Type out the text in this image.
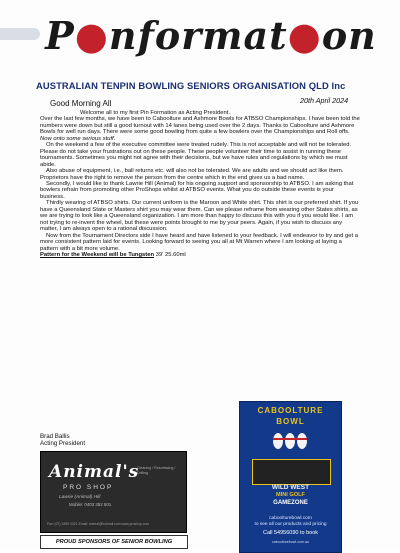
P●nformat●on
AUSTRALIAN TENPIN BOWLING SENIORS ORGANISATION QLD Inc
Good Morning All	20th April 2024

Welcome all to my first Pin Formation as Acting President.

Over the last few months, we have been to Caboolture and Ashmore Bowls for ATBSO Championships. I have been told the numbers were down but still a good turnout with 14 lanes being used over the 2 days. Thanks to Caboolture and Ashmore Bowls for well run days. There were some good bowling from quite a few bowlers over the Championships and Roll offs.

Now onto some serious stuff.

On the weekend a few of the executive committee were treated rudely. This is not acceptable and will not be tolerated. Please do not take your frustrations out on these people. These people volunteer their time to assist in running these tournaments. Sometimes you might not agree with their decisions, but we have rules and regulations by which we must abide.

Also abuse of equipment, i.e., ball returns etc. will also not be tolerated. We are adults and we should act like them. Proprietors have the right to remove the person from the centre which in the end gives us a bad name.

Secondly, I would like to thank Lawrie Hill (Animal) for his ongoing support and sponsorship to ATBSO. I am asking that bowlers refrain from promoting other ProShops whilst at ATBSO events. What you do outside these events is your business.

Thirdly wearing of ATBSO shirts. Our current uniform is the Maroon and White shirt. This shirt is our preferred shirt. If you have a Queensland State or Masters shirt you may wear them. Can we please reframe from wearing other States shirts, as we are trying to look like a Queensland organization. I am more than happy to discuss this with you if you would like. I am not trying to re-invent the wheel, but these were points brought to me by your peers. Again, if you wish to discuss any matter, I am always open to a rational discussion.

Now from the Tournament Directors side I have heard and have listened to your feedback. I will endeavor to try and get a more consistent pattern laid for events. Looking forward to seeing you all at Mt Warren where I am looking at laying a pattern with a bit more volume.

Pattern for the Weekend will be Tungsten 39' 25.60ml

Brad Ballis
Acting President
Animal's
PRO SHOP
Lawrie (Animal) Hill
Mobile: 0403 352 501
Cleaning / Resurfacing / Drilling
Fax: (07) 3399 0321 Email: animal@hotmail.com www.proshop.com
PROUD SPONSORS OF SENIOR BOWLING
CABOOLTURE
BOWL
WILD WEST
MINI GOLF
GAMEZONE
caboolturebowl.com
to see all our products and pricing
Call 54956090 to book
caboolturebowl.com.au
